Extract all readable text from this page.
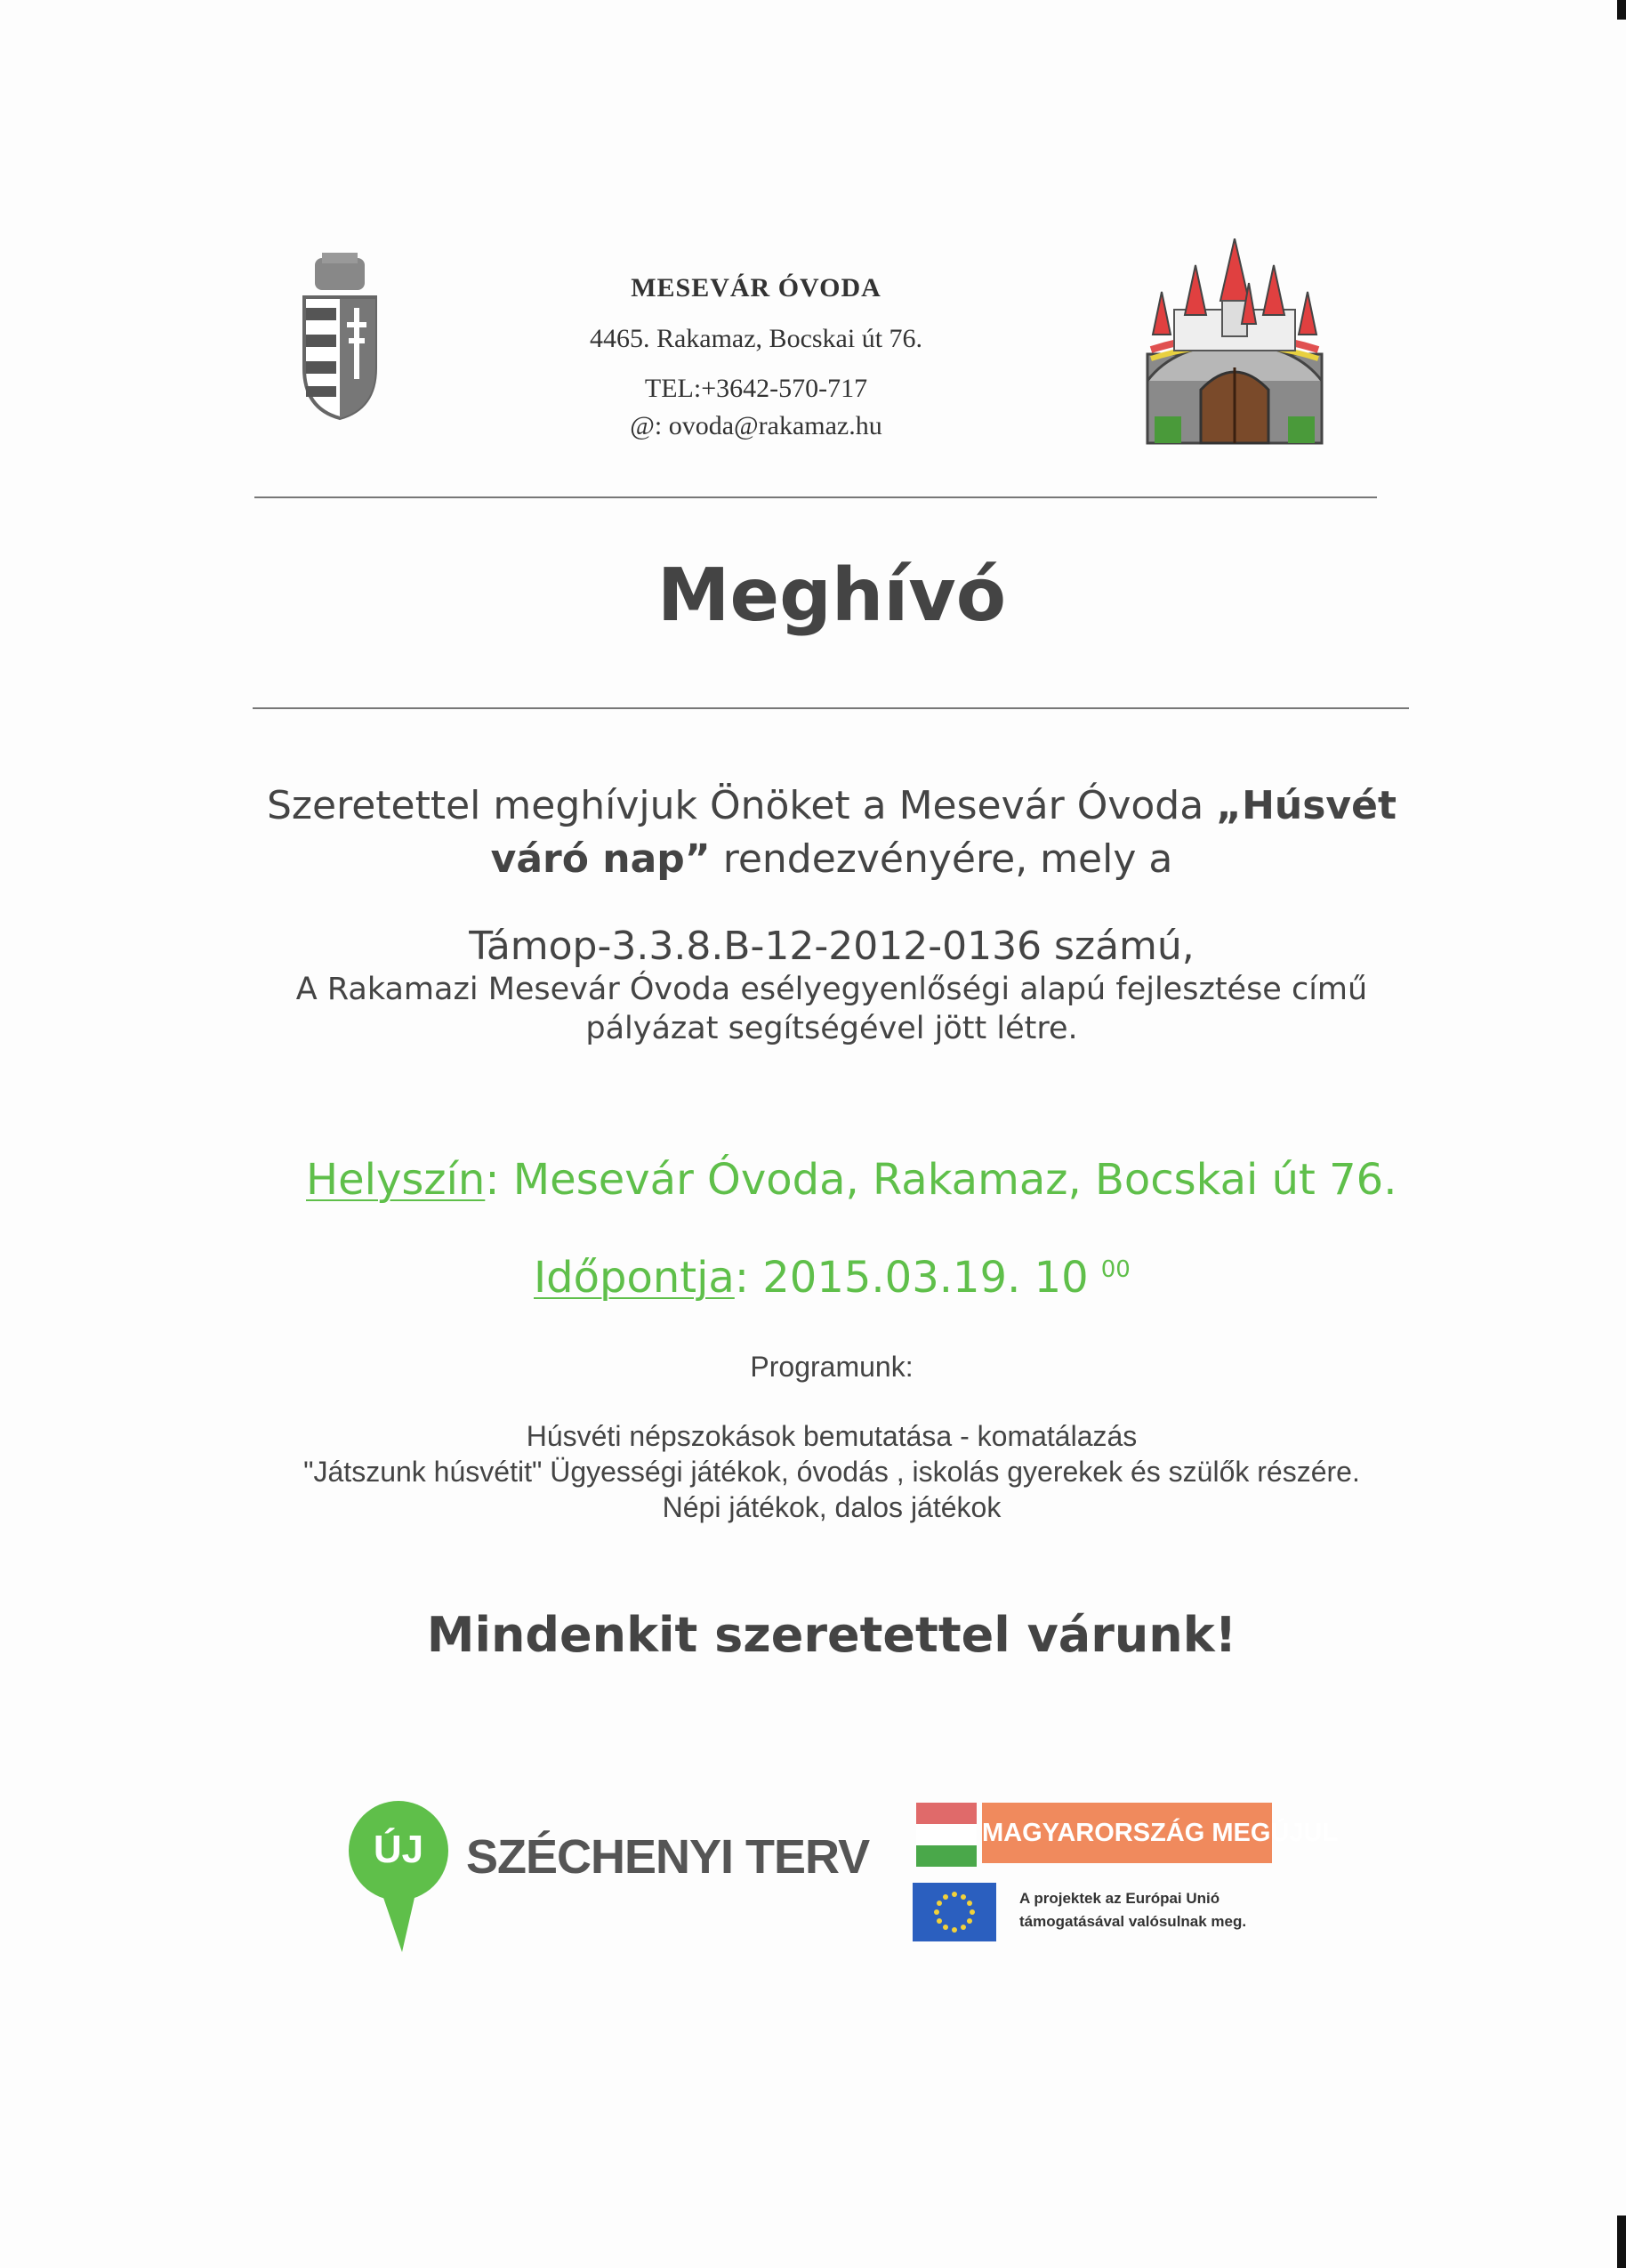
MESEVÁR ÓVODA
4465. Rakamaz, Bocskai út 76.
TEL:+3642-570-717
@: ovoda@rakamaz.hu
Meghívó
Szeretettel meghívjuk Önöket a Mesevár Óvoda „Húsvét
váró nap” rendezvényére, mely a
Támop-3.3.8.B-12-2012-0136 számú,
A Rakamazi Mesevár Óvoda esélyegyenlőségi alapú fejlesztése című
pályázat segítségével jött létre.
Helyszín: Mesevár Óvoda, Rakamaz, Bocskai út 76.
Időpontja: 2015.03.19. 10 $^{00}$
Programunk:
Húsvéti népszokások bemutatása - komatálazás
"Játszunk húsvétit" Ügyességi játékok, óvodás , iskolás gyerekek és szülők részére.
Népi játékok, dalos játékok
Mindenkit szeretettel várunk!
ÚJ SZÉCHENYI TERV	MAGYARORSZÁG MEGÚJUL
A projektek az Európai Unió
támogatásával valósulnak meg.
